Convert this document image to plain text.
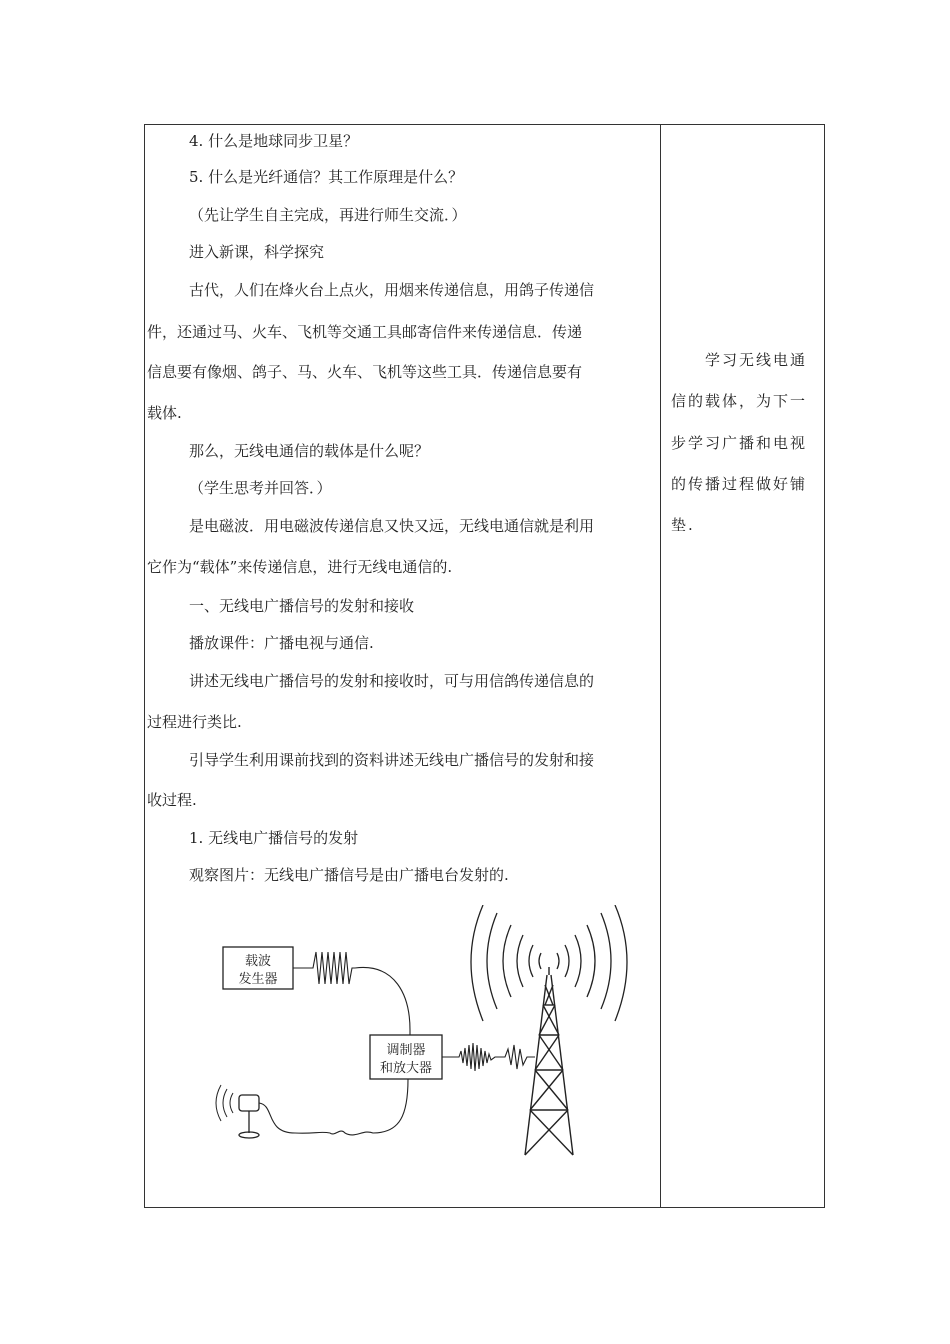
4. 什么是地球同步卫星？
5. 什么是光纤通信？其工作原理是什么？
（先让学生自主完成，再进行师生交流．）
进入新课，科学探究
古代，人们在烽火台上点火，用烟来传递信息，用鸽子传递信
件，还通过马、火车、飞机等交通工具邮寄信件来传递信息．传递
信息要有像烟、鸽子、马、火车、飞机等这些工具．传递信息要有
载体.
那么，无线电通信的载体是什么呢？
（学生思考并回答．）
是电磁波．用电磁波传递信息又快又远，无线电通信就是利用
它作为“载体”来传递信息，进行无线电通信的.
一、无线电广播信号的发射和接收
播放课件：广播电视与通信.
讲述无线电广播信号的发射和接收时，可与用信鸽传递信息的
过程进行类比.
引导学生利用课前找到的资料讲述无线电广播信号的发射和接
收过程.
1. 无线电广播信号的发射
观察图片：无线电广播信号是由广播电台发射的.
载波
发生器
调制器
和放大器
学习无线电通
信的载体，为下一
步学习广播和电视
的传播过程做好铺
垫.
